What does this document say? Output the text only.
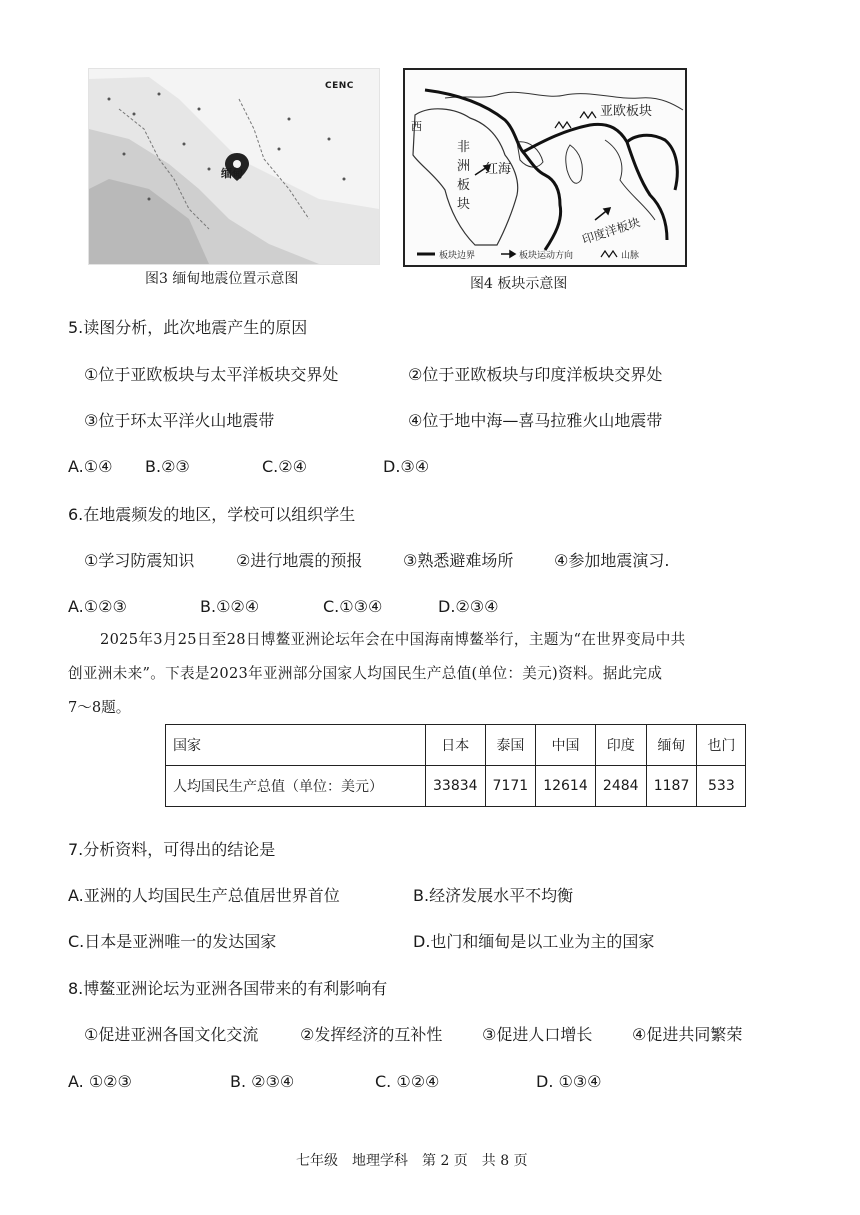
缅甸
CENC
图3 缅甸地震位置示意图
亚欧板块
西
非洲板块
红海
印度洋板块
板块边界	板块运动方向	山脉
图4 板块示意图
5.读图分析，此次地震产生的原因
①位于亚欧板块与太平洋板块交界处	②位于亚欧板块与印度洋板块交界处
③位于环太平洋火山地震带	④位于地中海—喜马拉雅火山地震带
A.①④ B.②③	C.②④	D.③④
6.在地震频发的地区，学校可以组织学生
①学习防震知识	②进行地震的预报	③熟悉避难场所	④参加地震演习.
A.①②③	B.①②④	C.①③④	D.②③④
2025年3月25日至28日博鳌亚洲论坛年会在中国海南博鳌举行，主题为“在世界变局中共
创亚洲未来”。下表是2023年亚洲部分国家人均国民生产总值(单位：美元)资料。据此完成
7～8题。
国家	日本	泰国	中国	印度	缅甸	也门
人均国民生产总值（单位：美元）	33834	7171	12614	2484	1187	533
7.分析资料，可得出的结论是
A.亚洲的人均国民生产总值居世界首位	B.经济发展水平不均衡
C.日本是亚洲唯一的发达国家	D.也门和缅甸是以工业为主的国家
8.博鳌亚洲论坛为亚洲各国带来的有利影响有
①促进亚洲各国文化交流	②发挥经济的互补性 ③促进人口增长 ④促进共同繁荣
A. ①②③	B. ②③④	C. ①②④	D. ①③④
七年级　地理学科　第 2 页　共 8 页
